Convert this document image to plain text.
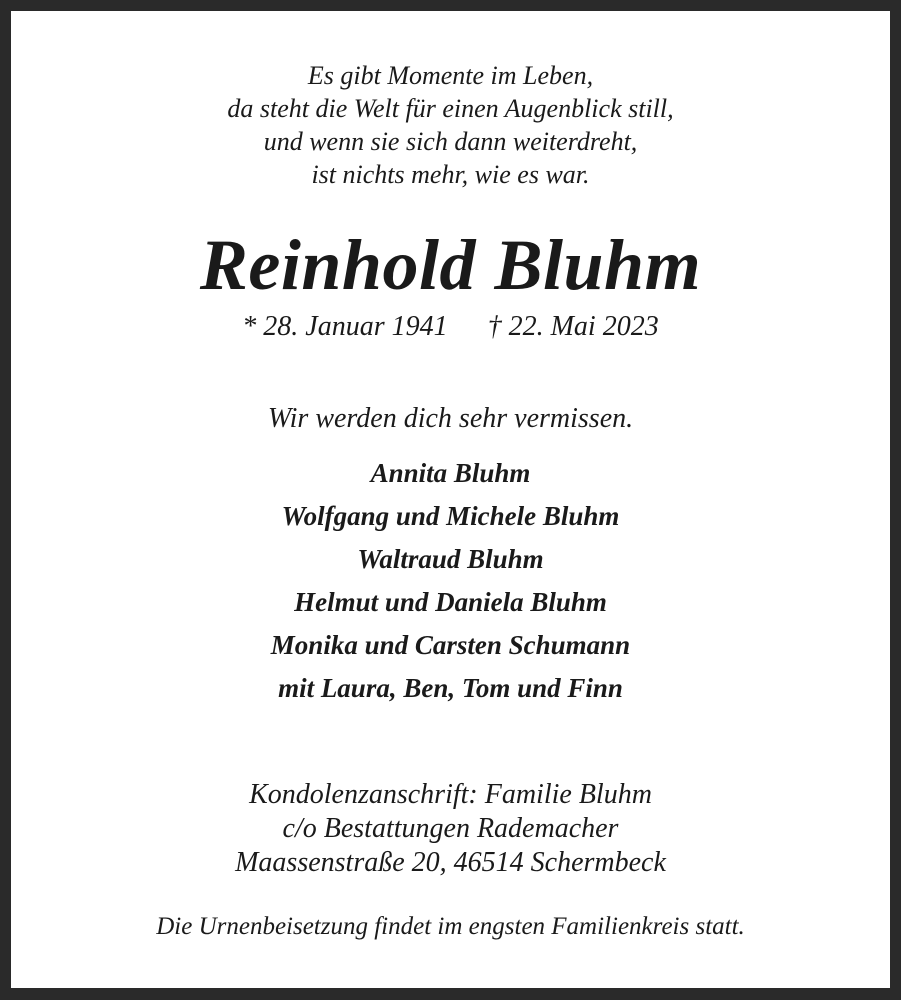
Es gibt Momente im Leben,
da steht die Welt für einen Augenblick still,
und wenn sie sich dann weiterdreht,
ist nichts mehr, wie es war.
Reinhold Bluhm
* 28. Januar 1941 † 22. Mai 2023
Wir werden dich sehr vermissen.
Annita Bluhm
Wolfgang und Michele Bluhm
Waltraud Bluhm
Helmut und Daniela Bluhm
Monika und Carsten Schumann
mit Laura, Ben, Tom und Finn
Kondolenzanschrift: Familie Bluhm
c/o Bestattungen Rademacher
Maassenstraße 20, 46514 Schermbeck
Die Urnenbeisetzung findet im engsten Familienkreis statt.
